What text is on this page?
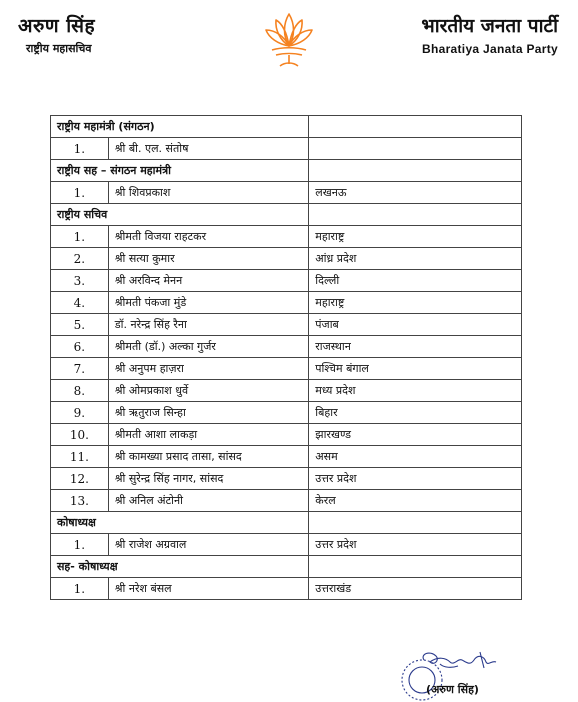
अरुण सिंह
राष्ट्रीय महासचिव
भारतीय जनता पार्टी
Bharatiya Janata Party
राष्ट्रीय महामंत्री (संगठन)		
1.	श्री बी. एल. संतोष	
राष्ट्रीय सह – संगठन महामंत्री		
1.	श्री शिवप्रकाश	लखनऊ
राष्ट्रीय सचिव		
1.	श्रीमती विजया राहटकर	महाराष्ट्र
2.	श्री सत्या कुमार	आंध्र प्रदेश
3.	श्री अरविन्द मेनन	दिल्ली
4.	श्रीमती पंकजा मुंडे	महाराष्ट्र
5.	डॉ. नरेन्द्र सिंह रैना	पंजाब
6.	श्रीमती (डॉ.) अल्का गुर्जर	राजस्थान
7.	श्री अनुपम हाज़रा	पश्चिम बंगाल
8.	श्री ओमप्रकाश धुर्वे	मध्य प्रदेश
9.	श्री ऋतुराज सिन्हा	बिहार
10.	श्रीमती आशा लाकड़ा	झारखण्ड
11.	श्री कामख्या प्रसाद तासा, सांसद	असम
12.	श्री सुरेन्द्र सिंह नागर, सांसद	उत्तर प्रदेश
13.	श्री अनिल अंटोनी	केरल
कोषाध्यक्ष		
1.	श्री राजेश अग्रवाल	उत्तर प्रदेश
सह- कोषाध्यक्ष		
1.	श्री नरेश बंसल	उत्तराखंड
(अरुण सिंह)
